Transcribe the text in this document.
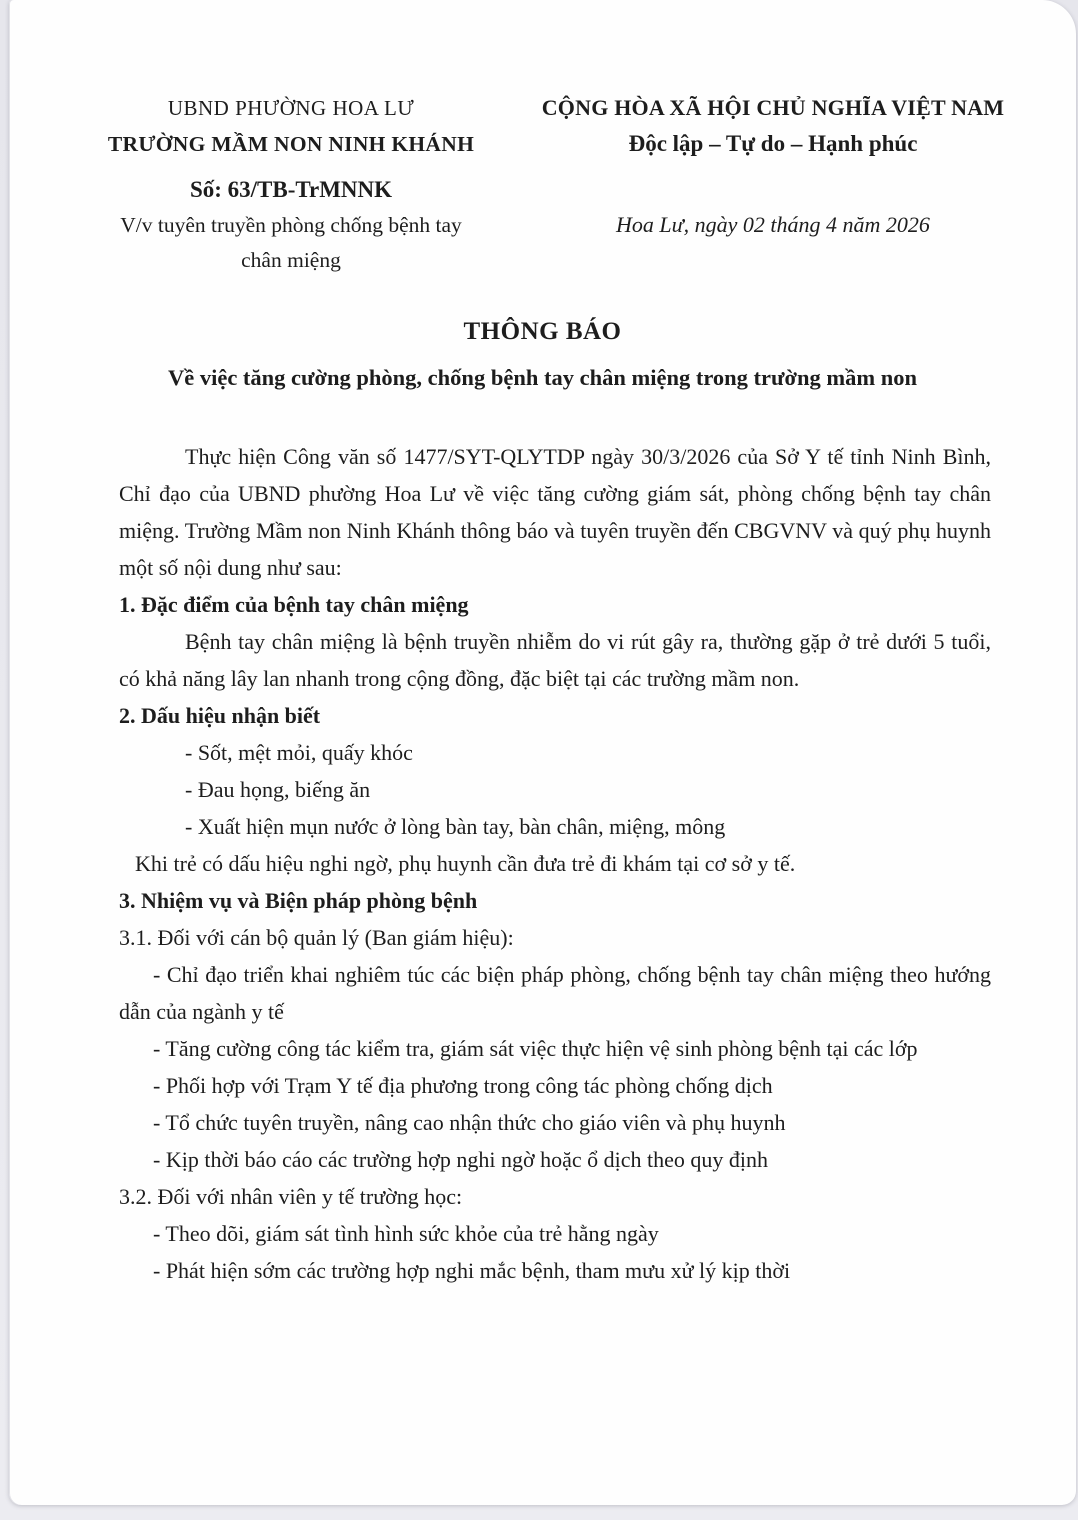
UBND PHƯỜNG HOA LƯ
TRƯỜNG MẦM NON NINH KHÁNH
Số: 63/TB-TrMNNK
V/v tuyên truyền phòng chống bệnh tay
chân miệng
CỘNG HÒA XÃ HỘI CHỦ NGHĨA VIỆT NAM
Độc lập – Tự do – Hạnh phúc
Hoa Lư, ngày 02 tháng 4 năm 2026
THÔNG BÁO
Về việc tăng cường phòng, chống bệnh tay chân miệng trong trường mầm non

Thực hiện Công văn số 1477/SYT-QLYTDP ngày 30/3/2026 của Sở Y tế tỉnh Ninh Bình, Chỉ đạo của UBND phường Hoa Lư về việc tăng cường giám sát, phòng chống bệnh tay chân miệng. Trường Mầm non Ninh Khánh thông báo và tuyên truyền đến CBGVNV và quý phụ huynh một số nội dung như sau:

1. Đặc điểm của bệnh tay chân miệng

Bệnh tay chân miệng là bệnh truyền nhiễm do vi rút gây ra, thường gặp ở trẻ dưới 5 tuổi, có khả năng lây lan nhanh trong cộng đồng, đặc biệt tại các trường mầm non.

2. Dấu hiệu nhận biết

- Sốt, mệt mỏi, quấy khóc

- Đau họng, biếng ăn

- Xuất hiện mụn nước ở lòng bàn tay, bàn chân, miệng, mông

Khi trẻ có dấu hiệu nghi ngờ, phụ huynh cần đưa trẻ đi khám tại cơ sở y tế.

3. Nhiệm vụ và Biện pháp phòng bệnh

3.1. Đối với cán bộ quản lý (Ban giám hiệu):

- Chỉ đạo triển khai nghiêm túc các biện pháp phòng, chống bệnh tay chân miệng theo hướng dẫn của ngành y tế

- Tăng cường công tác kiểm tra, giám sát việc thực hiện vệ sinh phòng bệnh tại các lớp

- Phối hợp với Trạm Y tế địa phương trong công tác phòng chống dịch

- Tổ chức tuyên truyền, nâng cao nhận thức cho giáo viên và phụ huynh

- Kịp thời báo cáo các trường hợp nghi ngờ hoặc ổ dịch theo quy định

3.2. Đối với nhân viên y tế trường học:

- Theo dõi, giám sát tình hình sức khỏe của trẻ hằng ngày

- Phát hiện sớm các trường hợp nghi mắc bệnh, tham mưu xử lý kịp thời
